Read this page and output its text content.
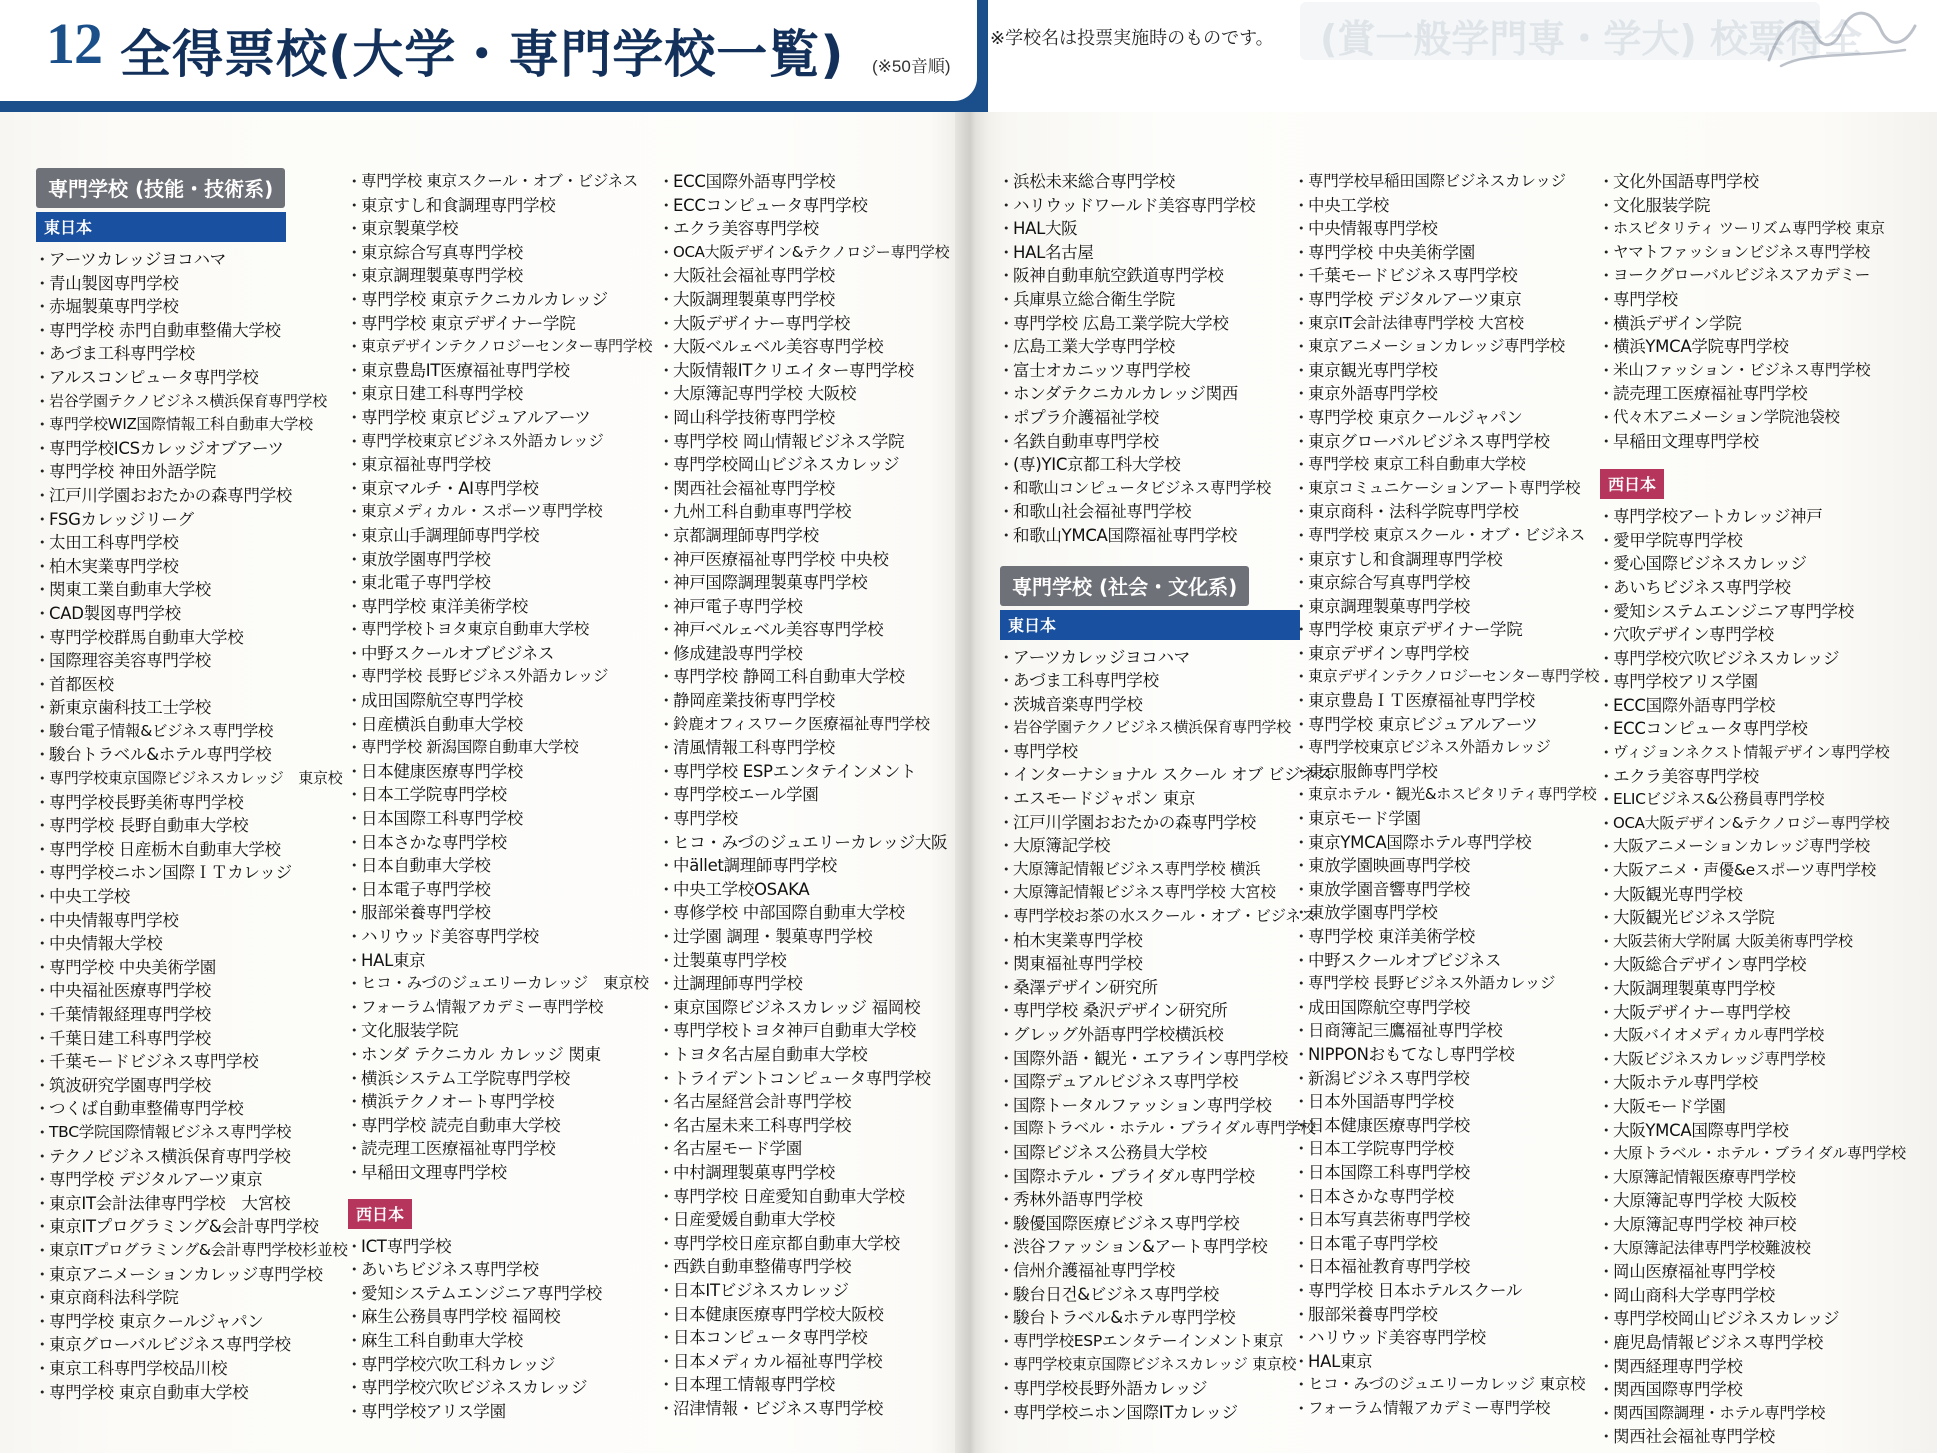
12 全得票校(大学・専門学校一覧) (※50音順)
※学校名は投票実施時のものです。 (賞一般学門専・学大) 校票得全
専門学校 (技能・技術系)
東日本
・ アーツカレッジヨコハマ
・ 青山製図専門学校
・ 赤堀製菓専門学校
・ 専門学校 赤門自動車整備大学校
・ あづま工科専門学校
・ アルスコンピュータ専門学校
・ 岩谷学園テクノビジネス横浜保育専門学校
・ 専門学校WIZ国際情報工科自動車大学校
・ 専門学校ICSカレッジオブアーツ
・ 専門学校 神田外語学院
・ 江戸川学園おおたかの森専門学校
・ FSGカレッジリーグ
・ 太田工科専門学校
・ 柏木実業専門学校
・ 関東工業自動車大学校
・ CAD製図専門学校
・ 専門学校群馬自動車大学校
・ 国際理容美容専門学校
・ 首都医校
・ 新東京歯科技工士学校
・ 駿台電子情報&ビジネス専門学校
・ 駿台トラベル&ホテル専門学校
・ 専門学校東京国際ビジネスカレッジ　東京校
・ 専門学校長野美術専門学校
・ 専門学校 長野自動車大学校
・ 専門学校 日産栃木自動車大学校
・ 専門学校ニホン国際ＩＴカレッジ
・ 中央工学校
・ 中央情報専門学校
・ 中央情報大学校
・ 専門学校 中央美術学園
・ 中央福祉医療専門学校
・ 千葉情報経理専門学校
・ 千葉日建工科専門学校
・ 千葉モードビジネス専門学校
・ 筑波研究学園専門学校
・ つくば自動車整備専門学校
・ TBC学院国際情報ビジネス専門学校
・ テクノビジネス横浜保育専門学校
・ 専門学校 デジタルアーツ東京
・ 東京IT会計法律専門学校　大宮校
・ 東京ITプログラミング&会計専門学校
・ 東京ITプログラミング&会計専門学校杉並校
・ 東京アニメーションカレッジ専門学校
・ 東京商科法科学院
・ 専門学校 東京クールジャパン
・ 東京グローバルビジネス専門学校
・ 東京工科専門学校品川校
・ 専門学校 東京自動車大学校
・ 専門学校 東京スクール・オブ・ビジネス
・ 東京すし和食調理専門学校
・ 東京製菓学校
・ 東京綜合写真専門学校
・ 東京調理製菓専門学校
・ 専門学校 東京テクニカルカレッジ
・ 専門学校 東京デザイナー学院
・ 東京デザインテクノロジーセンター専門学校
・ 東京豊島IT医療福祉専門学校
・ 東京日建工科専門学校
・ 専門学校 東京ビジュアルアーツ
・ 専門学校東京ビジネス外語カレッジ
・ 東京福祉専門学校
・ 東京マルチ・AI専門学校
・ 東京メディカル・スポーツ専門学校
・ 東京山手調理師専門学校
・ 東放学園専門学校
・ 東北電子専門学校
・ 専門学校 東洋美術学校
・ 専門学校トヨタ東京自動車大学校
・ 中野スクールオブビジネス
・ 専門学校 長野ビジネス外語カレッジ
・ 成田国際航空専門学校
・ 日産横浜自動車大学校
・ 専門学校 新潟国際自動車大学校
・ 日本健康医療専門学校
・ 日本工学院専門学校
・ 日本国際工科専門学校
・ 日本さかな専門学校
・ 日本自動車大学校
・ 日本電子専門学校
・ 服部栄養専門学校
・ ハリウッド美容専門学校
・ HAL東京
・ ヒコ・みづのジュエリーカレッジ　東京校
・ フォーラム情報アカデミー専門学校
・ 文化服装学院
・ ホンダ テクニカル カレッジ 関東
・ 横浜システム工学院専門学校
・ 横浜テクノオート専門学校
・ 専門学校 読売自動車大学校
・ 読売理工医療福祉専門学校
・ 早稲田文理専門学校
西日本
・ ICT専門学校
・ あいちビジネス専門学校
・ 愛知システムエンジニア専門学校
・ 麻生公務員専門学校 福岡校
・ 麻生工科自動車大学校
・ 専門学校穴吹工科カレッジ
・ 専門学校穴吹ビジネスカレッジ
・ 専門学校アリス学園
・ ECC国際外語専門学校
・ ECCコンピュータ専門学校
・ エクラ美容専門学校
・ OCA大阪デザイン&テクノロジー専門学校
・ 大阪社会福祉専門学校
・ 大阪調理製菓専門学校
・ 大阪デザイナー専門学校
・ 大阪ベルェベル美容専門学校
・ 大阪情報ITクリエイター専門学校
・ 大原簿記専門学校 大阪校
・ 岡山科学技術専門学校
・ 専門学校 岡山情報ビジネス学院
・ 専門学校岡山ビジネスカレッジ
・ 関西社会福祉専門学校
・ 九州工科自動車専門学校
・ 京都調理師専門学校
・ 神戸医療福祉専門学校 中央校
・ 神戸国際調理製菓専門学校
・ 神戸電子専門学校
・ 神戸ベルェベル美容専門学校
・ 修成建設専門学校
・ 専門学校 静岡工科自動車大学校
・ 静岡産業技術専門学校
・ 鈴鹿オフィスワーク医療福祉専門学校
・ 清風情報工科専門学校
・ 専門学校 ESPエンタテインメント
・ 専門学校エール学園
・ 専門学校
・ ヒコ・みづのジュエリーカレッジ大阪
・ 中ället調理師専門学校
・ 中央工学校OSAKA
・ 専修学校 中部国際自動車大学校
・ 辻学園 調理・製菓専門学校
・ 辻製菓専門学校
・ 辻調理師専門学校
・ 東京国際ビジネスカレッジ 福岡校
・ 専門学校トヨタ神戸自動車大学校
・ トヨタ名古屋自動車大学校
・ トライデントコンピュータ専門学校
・ 名古屋経営会計専門学校
・ 名古屋未来工科専門学校
・ 名古屋モード学園
・ 中村調理製菓専門学校
・ 専門学校 日産愛知自動車大学校
・ 日産愛媛自動車大学校
・ 専門学校日産京都自動車大学校
・ 西鉄自動車整備専門学校
・ 日本ITビジネスカレッジ
・ 日本健康医療専門学校大阪校
・ 日本コンピュータ専門学校
・ 日本メディカル福祉専門学校
・ 日本理工情報専門学校
・ 沼津情報・ビジネス専門学校
・ 浜松未来総合専門学校
・ ハリウッドワールド美容専門学校
・ HAL大阪
・ HAL名古屋
・ 阪神自動車航空鉄道専門学校
・ 兵庫県立総合衛生学院
・ 専門学校 広島工業学院大学校
・ 広島工業大学専門学校
・ 富士オカニッツ専門学校
・ ホンダテクニカルカレッジ関西
・ ポプラ介護福祉学校
・ 名鉄自動車専門学校
・ (専)YIC京都工科大学校
・ 和歌山コンピュータビジネス専門学校
・ 和歌山社会福祉専門学校
・ 和歌山YMCA国際福祉専門学校
専門学校 (社会・文化系)
東日本
・ アーツカレッジヨコハマ
・ あづま工科専門学校
・ 茨城音楽専門学校
・ 岩谷学園テクノビジネス横浜保育専門学校
・ 専門学校
・ インターナショナル スクール オブ ビジネス
・ エスモードジャポン 東京
・ 江戸川学園おおたかの森専門学校
・ 大原簿記学校
・ 大原簿記情報ビジネス専門学校 横浜
・ 大原簿記情報ビジネス専門学校 大宮校
・ 専門学校お茶の水スクール・オブ・ビジネス
・ 柏木実業専門学校
・ 関東福祉専門学校
・ 桑澤デザイン研究所
・ 専門学校 桑沢デザイン研究所
・ グレッグ外語専門学校横浜校
・ 国際外語・観光・エアライン専門学校
・ 国際デュアルビジネス専門学校
・ 国際トータルファッション専門学校
・ 国際トラベル・ホテル・ブライダル専門学校
・ 国際ビジネス公務員大学校
・ 国際ホテル・ブライダル専門学校
・ 秀林外語専門学校
・ 駿優国際医療ビジネス専門学校
・ 渋谷ファッション&アート専門学校
・ 信州介護福祉専門学校
・ 駿台日건&ビジネス専門学校
・ 駿台トラベル&ホテル専門学校
・ 専門学校ESPエンタテーインメント東京
・ 専門学校東京国際ビジネスカレッジ 東京校
・ 専門学校長野外語カレッジ
・ 専門学校ニホン国際ITカレッジ
・ 専門学校早稲田国際ビジネスカレッジ
・ 中央工学校
・ 中央情報専門学校
・ 専門学校 中央美術学園
・ 千葉モードビジネス専門学校
・ 専門学校 デジタルアーツ東京
・ 東京IT会計法律専門学校 大宮校
・ 東京アニメーションカレッジ専門学校
・ 東京観光専門学校
・ 東京外語専門学校
・ 専門学校 東京クールジャパン
・ 東京グローバルビジネス専門学校
・ 専門学校 東京工科自動車大学校
・ 東京コミュニケーションアート専門学校
・ 東京商科・法科学院専門学校
・ 専門学校 東京スクール・オブ・ビジネス
・ 東京すし和食調理専門学校
・ 東京綜合写真専門学校
・ 東京調理製菓専門学校
・ 専門学校 東京デザイナー学院
・ 東京デザイン専門学校
・ 東京デザインテクノロジーセンター専門学校
・ 東京豊島ＩＴ医療福祉専門学校
・ 専門学校 東京ビジュアルアーツ
・ 専門学校東京ビジネス外語カレッジ
・ 東京服飾専門学校
・ 東京ホテル・観光&ホスピタリティ専門学校
・ 東京モード学園
・ 東京YMCA国際ホテル専門学校
・ 東放学園映画専門学校
・ 東放学園音響専門学校
・ 東放学園専門学校
・ 専門学校 東洋美術学校
・ 中野スクールオブビジネス
・ 専門学校 長野ビジネス外語カレッジ
・ 成田国際航空専門学校
・ 日商簿記三鷹福祉専門学校
・ NIPPONおもてなし専門学校
・ 新潟ビジネス専門学校
・ 日本外国語専門学校
・ 日本健康医療専門学校
・ 日本工学院専門学校
・ 日本国際工科専門学校
・ 日本さかな専門学校
・ 日本写真芸術専門学校
・ 日本電子専門学校
・ 日本福祉教育専門学校
・ 専門学校 日本ホテルスクール
・ 服部栄養専門学校
・ ハリウッド美容専門学校
・ HAL東京
・ ヒコ・みづのジュエリーカレッジ 東京校
・ フォーラム情報アカデミー専門学校
・ 文化外国語専門学校
・ 文化服装学院
・ ホスピタリティ ツーリズム専門学校 東京
・ ヤマトファッションビジネス専門学校
・ ヨークグローバルビジネスアカデミー
・ 専門学校
・ 横浜デザイン学院
・ 横浜YMCA学院専門学校
・ 米山ファッション・ビジネス専門学校
・ 読売理工医療福祉専門学校
・ 代々木アニメーション学院池袋校
・ 早稲田文理専門学校
西日本
・ 専門学校アートカレッジ神戸
・ 愛甲学院専門学校
・ 愛心国際ビジネスカレッジ
・ あいちビジネス専門学校
・ 愛知システムエンジニア専門学校
・ 穴吹デザイン専門学校
・ 専門学校穴吹ビジネスカレッジ
・ 専門学校アリス学園
・ ECC国際外語専門学校
・ ECCコンピュータ専門学校
・ ヴィジョンネクスト情報デザイン専門学校
・ エクラ美容専門学校
・ ELICビジネス&公務員専門学校
・ OCA大阪デザイン&テクノロジー専門学校
・ 大阪アニメーションカレッジ専門学校
・ 大阪アニメ・声優&eスポーツ専門学校
・ 大阪観光専門学校
・ 大阪観光ビジネス学院
・ 大阪芸術大学附属 大阪美術専門学校
・ 大阪総合デザイン専門学校
・ 大阪調理製菓専門学校
・ 大阪デザイナー専門学校
・ 大阪バイオメディカル専門学校
・ 大阪ビジネスカレッジ専門学校
・ 大阪ホテル専門学校
・ 大阪モード学園
・ 大阪YMCA国際専門学校
・ 大原トラベル・ホテル・ブライダル専門学校
・ 大原簿記情報医療専門学校
・ 大原簿記専門学校 大阪校
・ 大原簿記専門学校 神戸校
・ 大原簿記法律専門学校難波校
・ 岡山医療福祉専門学校
・ 岡山商科大学専門学校
・ 専門学校岡山ビジネスカレッジ
・ 鹿児島情報ビジネス専門学校
・ 関西経理専門学校
・ 関西国際専門学校
・ 関西国際調理・ホテル専門学校
・ 関西社会福祉専門学校
